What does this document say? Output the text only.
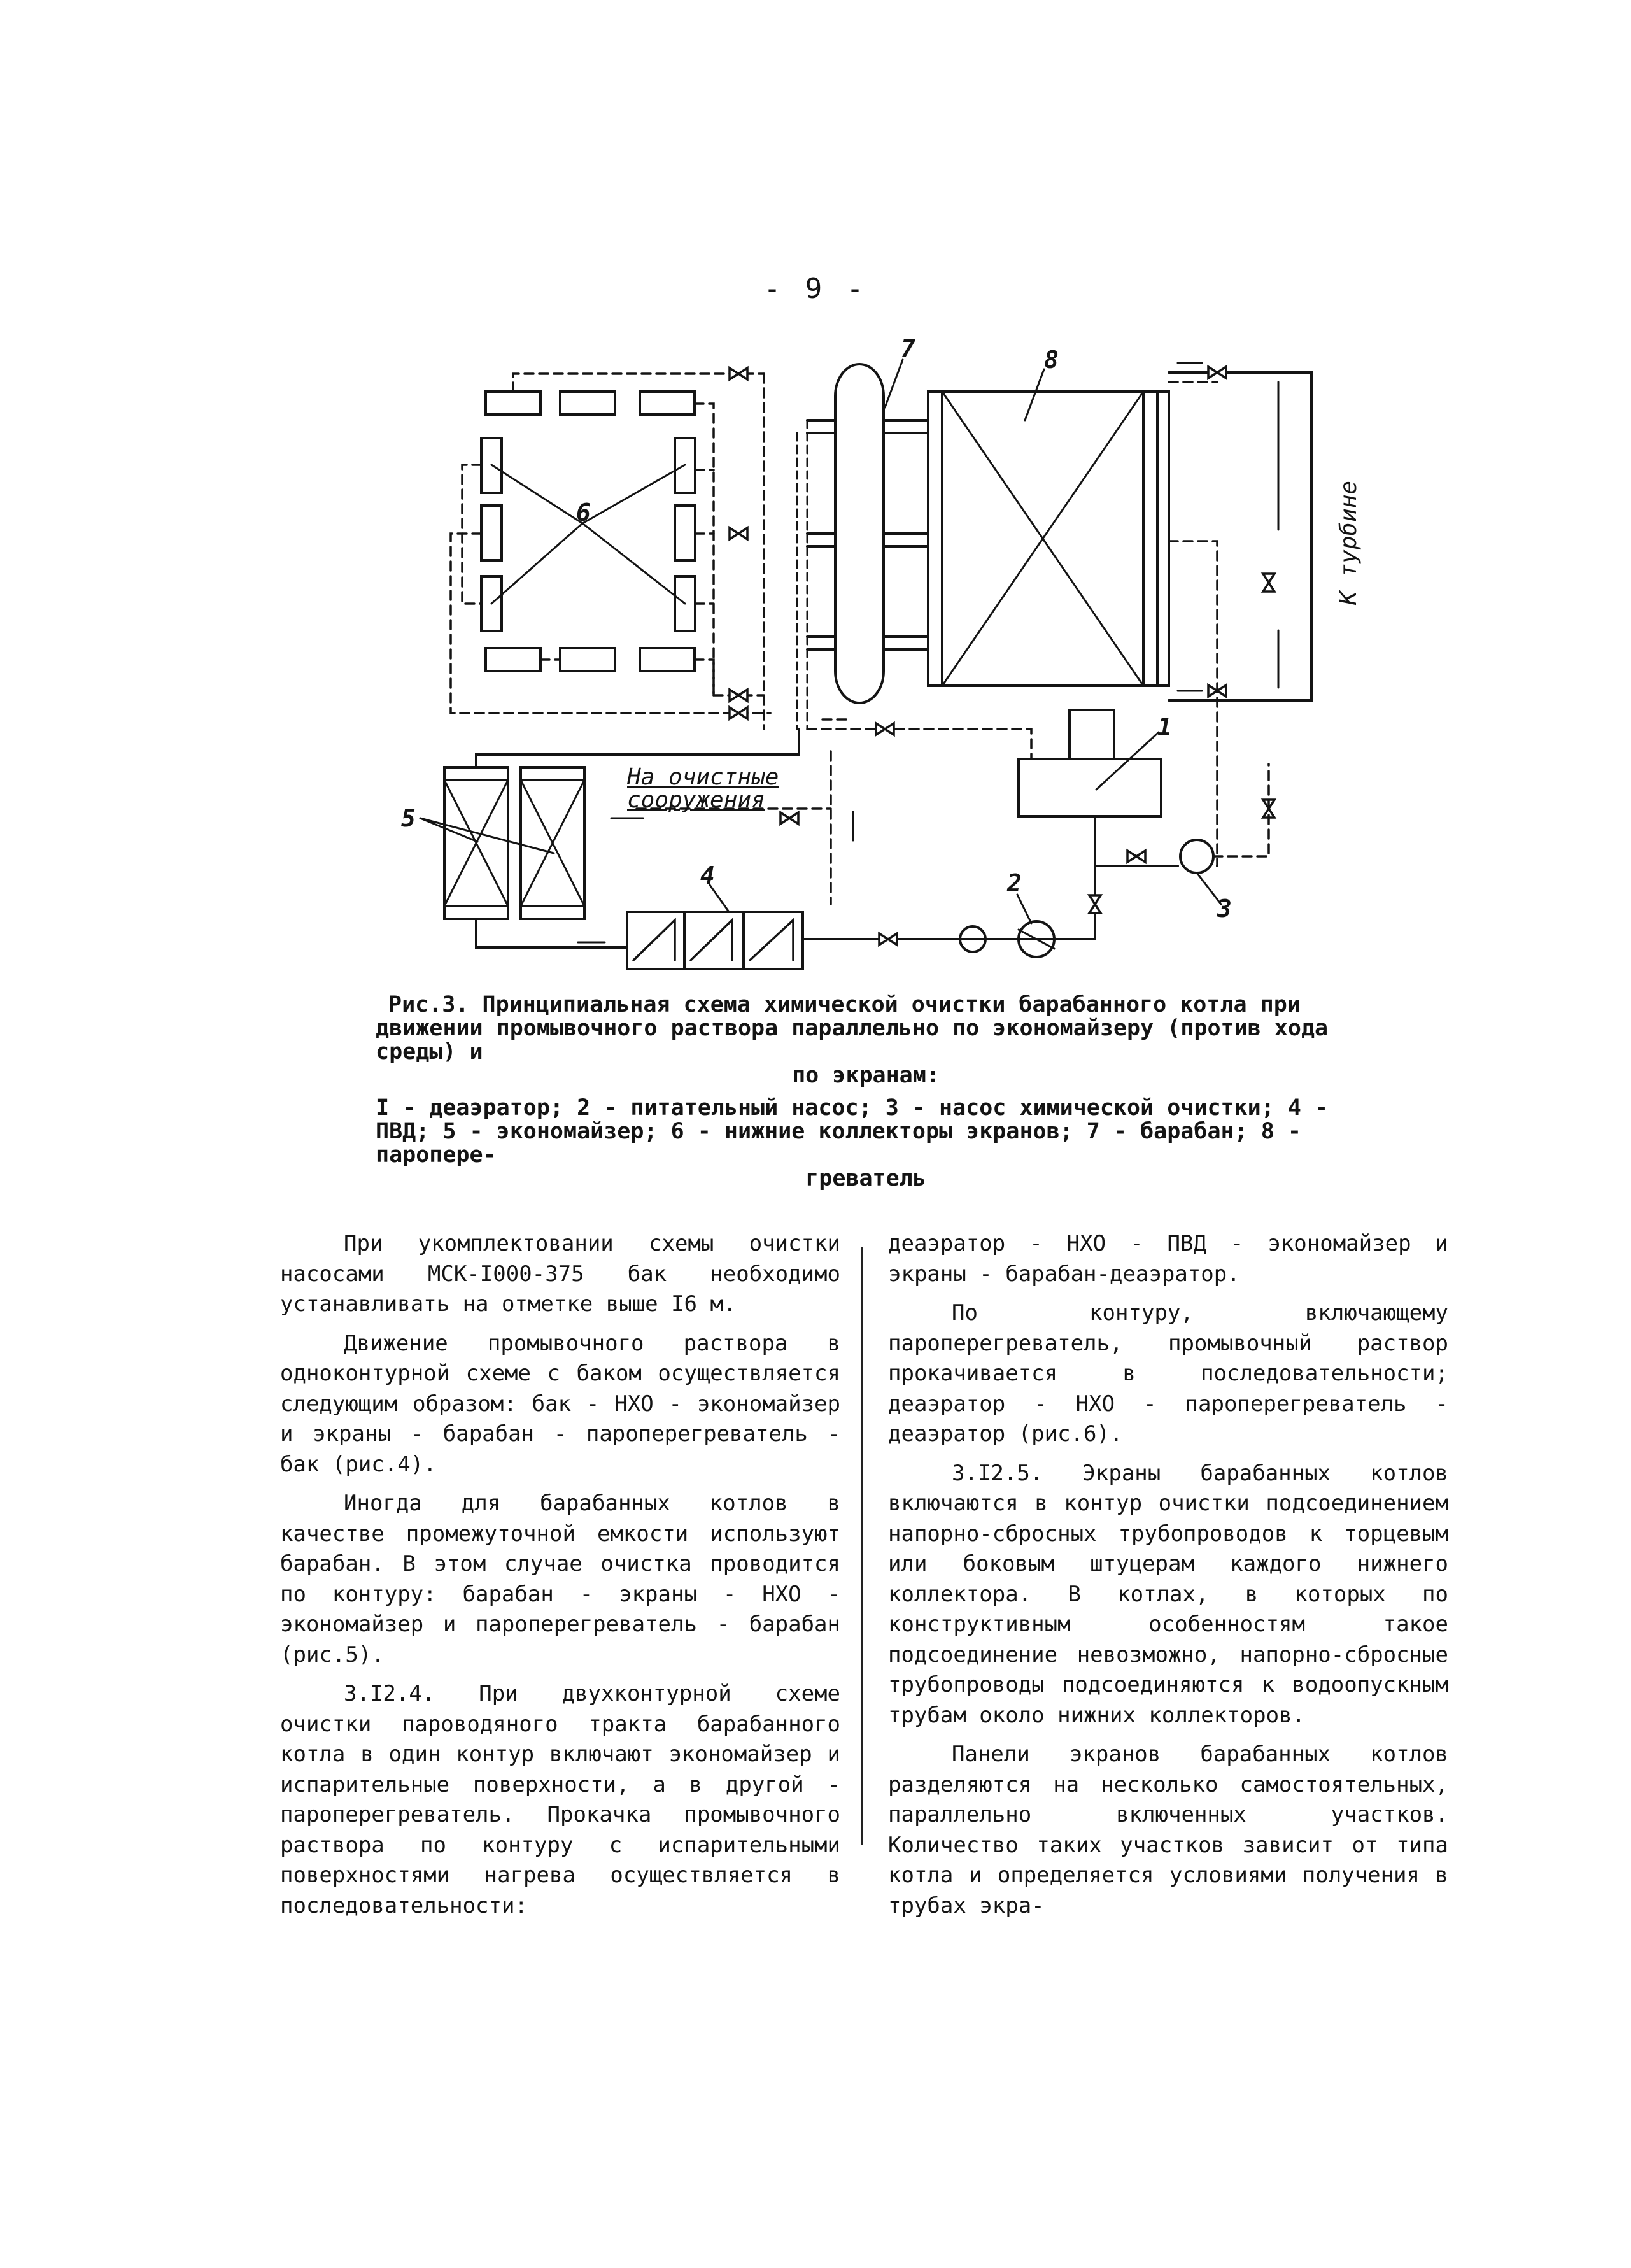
- 9 -
6
7	8
К турбине
1
5
На очистные
сооружения
4	2
3
Рис.3. Принципиальная схема химической очистки барабанного котла при движении промывочного раствора параллельно по экономайзеру (против хода среды) и
по экранам:
I - деаэратор; 2 - питательный насос; 3 - насос химической очистки; 4 - ПВД; 5 - экономайзер; 6 - нижние коллекторы экранов; 7 - барабан; 8 - пароперe-
греватель

При укомплектовании схемы очистки насосами МСК-I000-375 бак необходимо устанавливать на отметке выше I6 м.

Движение промывочного раствора в одноконтурной схеме с баком осуществляется следующим образом: бак - НХО - экономайзер и экраны - барабан - пароперегреватель - бак (рис.4).

Иногда для барабанных котлов в качестве промежуточной емкости используют барабан. В этом случае очистка проводится по контуру: барабан - экраны - НХО - экономайзер и пароперегреватель - барабан (рис.5).

3.I2.4. При двухконтурной схеме очистки пароводяного тракта барабанного котла в один контур включают экономайзер и испарительные поверхности, а в другой - пароперегреватель. Прокачка промывочного раствора по контуру с испарительными поверхностями нагрева осуществляется в последовательности:

деаэратор - НХО - ПВД - экономайзер и экраны - барабан-деаэратор.

По контуру, включающему пароперегреватель, промывочный раствор прокачивается в последовательности; деаэратор - НХО - пароперегреватель - деаэратор (рис.6).

3.I2.5. Экраны барабанных котлов включаются в контур очистки подсоединением напорно-сбросных трубопроводов к торцевым или боковым штуцерам каждого нижнего коллектора. В котлах, в которых по конструктивным особенностям такое подсоединение невозможно, напорно-сбросные трубопроводы подсоединяются к водоопускным трубам около нижних коллекторов.

Панели экранов барабанных котлов разделяются на несколько самостоятельных, параллельно включенных участков. Количество таких участков зависит от типа котла и определяется условиями получения в трубах экра-
